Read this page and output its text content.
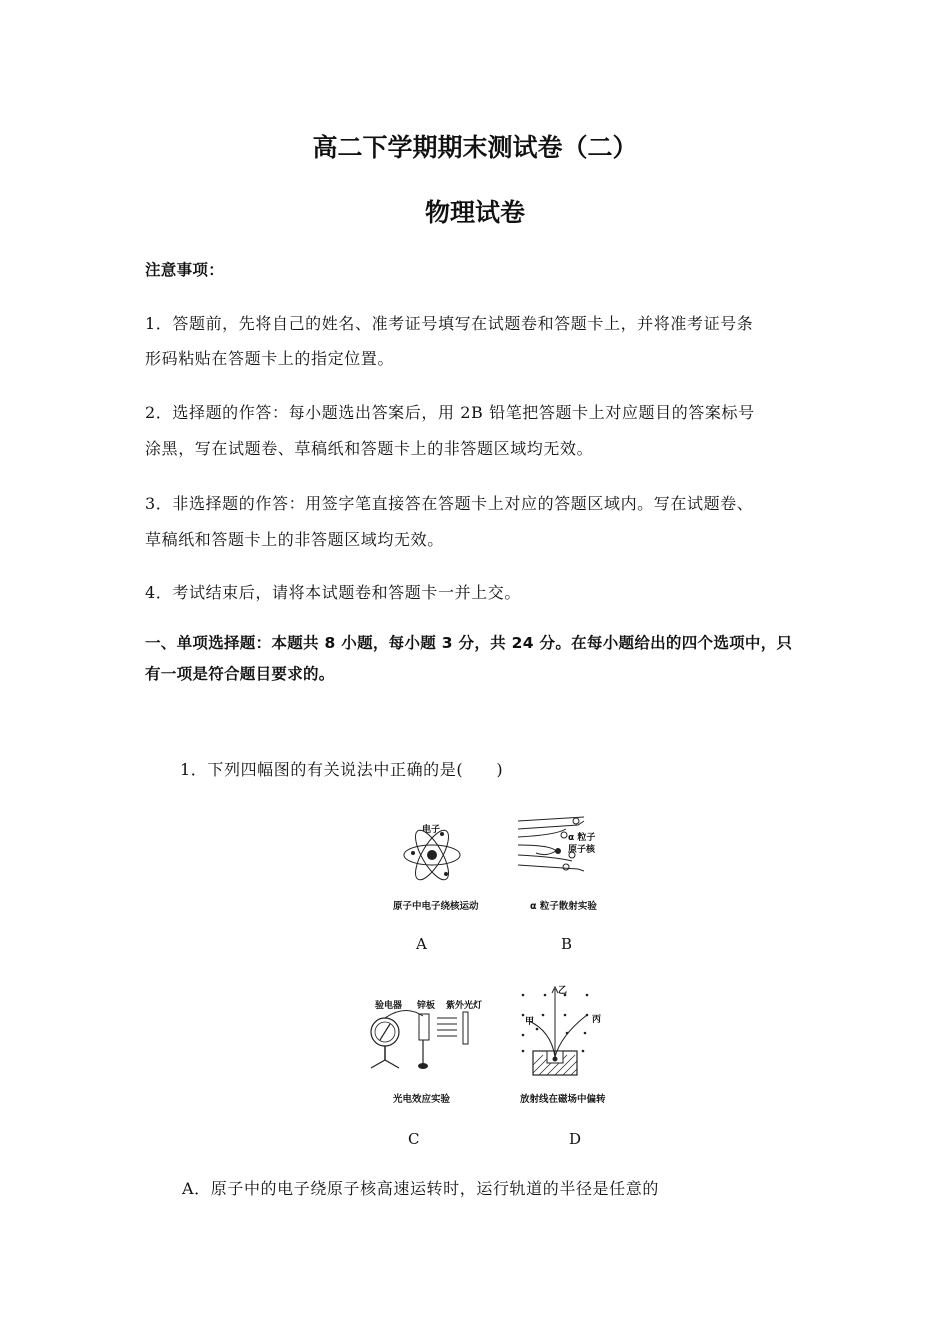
高二下学期期末测试卷（二）
物理试卷
注意事项：
1．答题前，先将自己的姓名、准考证号填写在试题卷和答题卡上，并将准考证号条
形码粘贴在答题卡上的指定位置。
2．选择题的作答：每小题选出答案后，用 2B 铅笔把答题卡上对应题目的答案标号
涂黑，写在试题卷、草稿纸和答题卡上的非答题区域均无效。
3．非选择题的作答：用签字笔直接答在答题卡上对应的答题区域内。写在试题卷、
草稿纸和答题卡上的非答题区域均无效。
4．考试结束后，请将本试题卷和答题卡一并上交。
一、单项选择题：本题共 8 小题，每小题 3 分，共 24 分。在每小题给出的四个选项中，只
有一项是符合题目要求的。
1．下列四幅图的有关说法中正确的是(　　)
电子
原子中电子绕核运动
A
α 粒子
原子核
α 粒子散射实验
B
验电器 锌板 紫外光灯
光电效应实验
C
甲
乙
丙
放射线在磁场中偏转
D
A．原子中的电子绕原子核高速运转时，运行轨道的半径是任意的
